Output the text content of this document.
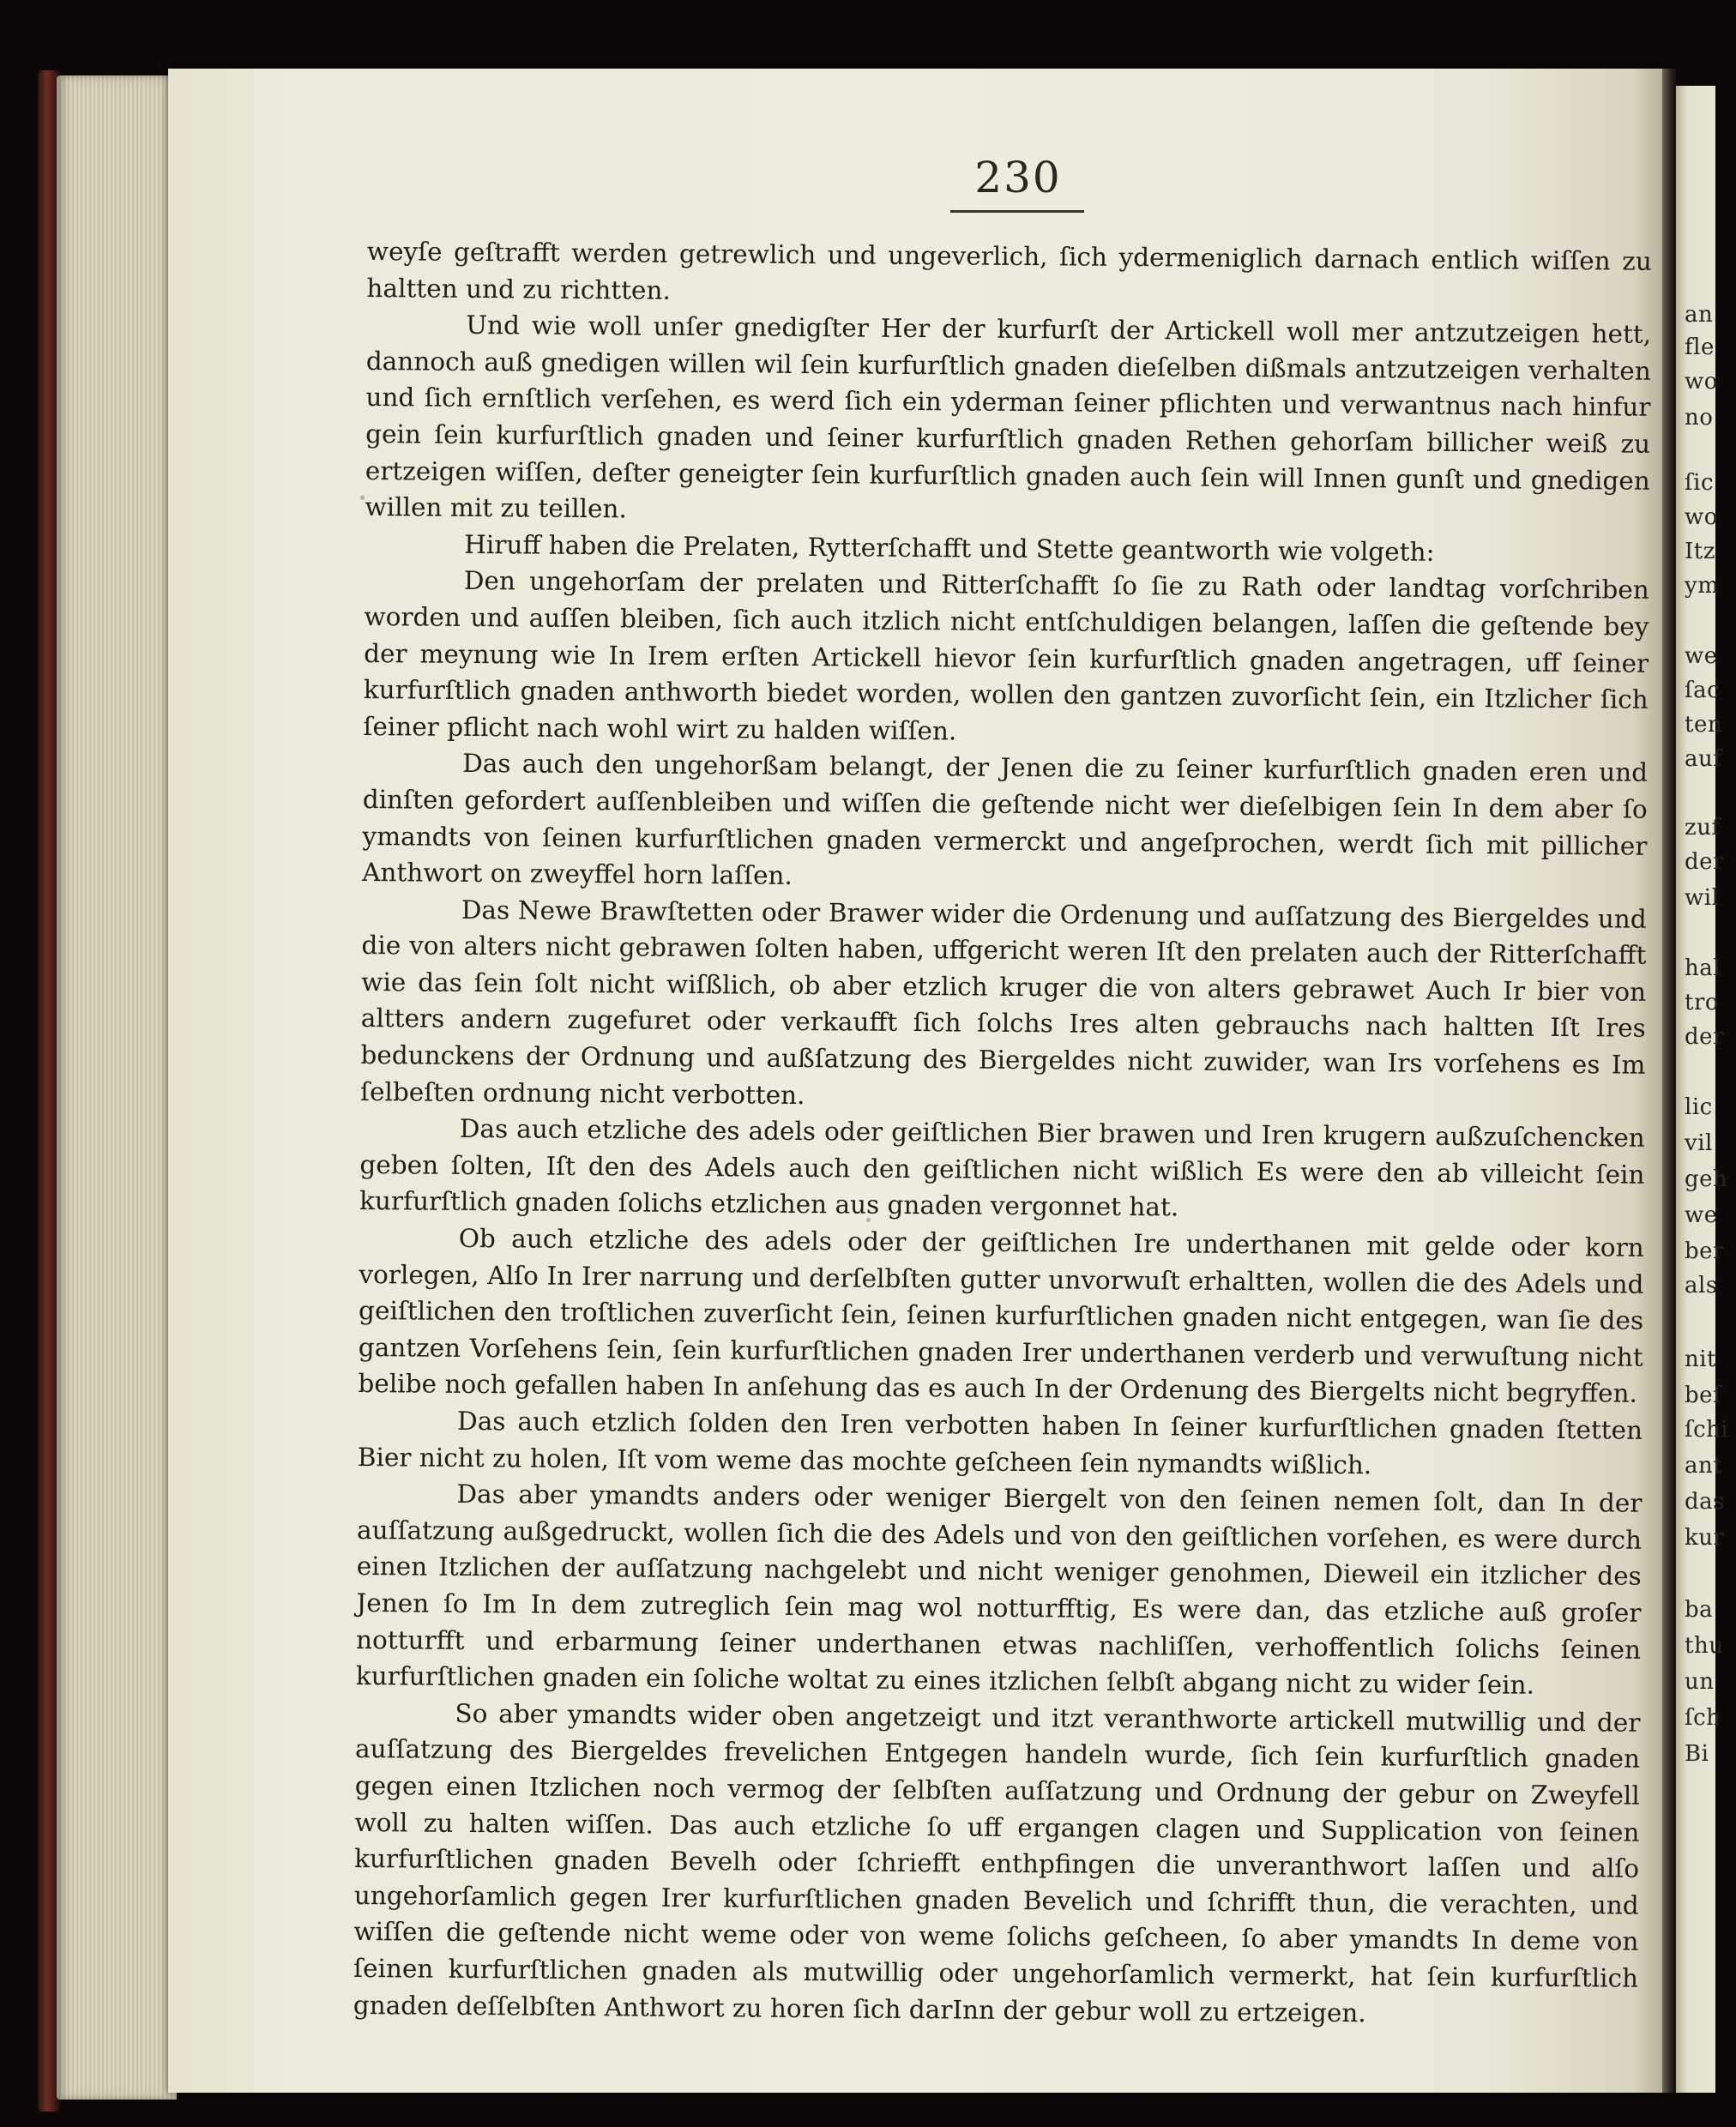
an
fle
wo
no
ſic
wo
Itz
ym
we
ſac
ten
auf
zuf
der
wil
hal
tro
der
lic
vil
geh
we
ber
als
nit
beſ
ſchi
ant
das
kur
ba
thu
un
ſch
Bi
230

weyſe geſtrafft werden getrewlich und ungeverlich, ſich ydermeniglich darnach entlich wiſſen zu haltten und zu richtten.

Und wie woll unſer gnedigſter Her der kurfurſt der Artickell woll mer antzutzeigen hett, dannoch auß gnedigen willen wil ſein kurfurſtlich gnaden dieſelben dißmals antzutzeigen verhalten und ſich ernſtlich verſehen, es werd ſich ein yderman ſeiner pflichten und verwantnus nach hinfur gein ſein kurfurſtlich gnaden und ſeiner kurfurſtlich gnaden Rethen gehorſam billicher weiß zu ertzeigen wiſſen, deſter geneigter ſein kurfurſtlich gnaden auch ſein will Innen gunſt und gnedigen willen mit zu teillen.

Hiruff haben die Prelaten, Rytterſchafft und Stette geantworth wie volgeth:

Den ungehorſam der prelaten und Ritterſchafft ſo ſie zu Rath oder landtag vorſchriben worden und auſſen bleiben, ſich auch itzlich nicht entſchuldigen belangen, laſſen die geſtende bey der meynung wie In Irem erſten Artickell hievor ſein kurfurſtlich gnaden angetragen, uff ſeiner kurfurſtlich gnaden anthworth biedet worden, wollen den gantzen zuvorſicht ſein, ein Itzlicher ſich ſeiner pflicht nach wohl wirt zu halden wiſſen.

Das auch den ungehorßam belangt, der Jenen die zu ſeiner kurfurſtlich gnaden eren und dinſten gefordert auſſenbleiben und wiſſen die geſtende nicht wer dieſelbigen ſein In dem aber ſo ymandts von ſeinen kurfurſtlichen gnaden vermerckt und angeſprochen, werdt ſich mit pillicher Anthwort on zweyffel horn laſſen.

Das Newe Brawſtetten oder Brawer wider die Ordenung und auſſatzung des Biergeldes und die von alters nicht gebrawen ſolten haben, uffgericht weren Iſt den prelaten auch der Ritterſchafft wie das ſein ſolt nicht wiſßlich, ob aber etzlich kruger die von alters gebrawet Auch Ir bier von altters andern zugefuret oder verkaufft ſich ſolchs Ires alten gebrauchs nach haltten Iſt Ires bedunckens der Ordnung und außſatzung des Biergeldes nicht zuwider, wan Irs vorſehens es Im ſelbeſten ordnung nicht verbotten.

Das auch etzliche des adels oder geiſtlichen Bier brawen und Iren krugern außzuſchencken geben ſolten, Iſt den des Adels auch den geiſtlichen nicht wißlich Es were den ab villeicht ſein kurfurſtlich gnaden ſolichs etzlichen aus gnaden vergonnet hat.

Ob auch etzliche des adels oder der geiſtlichen Ire underthanen mit gelde oder korn vorlegen, Alſo In Irer narrung und derſelbſten gutter unvorwuſt erhaltten, wollen die des Adels und geiſtlichen den troſtlichen zuverſicht ſein, ſeinen kurfurſtlichen gnaden nicht entgegen, wan ſie des gantzen Vorſehens ſein, ſein kurfurſtlichen gnaden Irer underthanen verderb und verwuſtung nicht belibe noch gefallen haben In anſehung das es auch In der Ordenung des Biergelts nicht begryffen.

Das auch etzlich ſolden den Iren verbotten haben In ſeiner kurfurſtlichen gnaden ſtetten Bier nicht zu holen, Iſt vom weme das mochte geſcheen ſein nymandts wißlich.

Das aber ymandts anders oder weniger Biergelt von den ſeinen nemen ſolt, dan In der auſſatzung außgedruckt, wollen ſich die des Adels und von den geiſtlichen vorſehen, es were durch einen Itzlichen der auſſatzung nachgelebt und nicht weniger genohmen, Dieweil ein itzlicher des Jenen ſo Im In dem zutreglich ſein mag wol notturfftig, Es were dan, das etzliche auß groſer notturfft und erbarmung ſeiner underthanen etwas nachliſſen, verhoffentlich ſolichs ſeinen kurfurſtlichen gnaden ein ſoliche woltat zu eines itzlichen ſelbſt abgang nicht zu wider ſein.

So aber ymandts wider oben angetzeigt und itzt veranthworte artickell mutwillig und der auſſatzung des Biergeldes frevelichen Entgegen handeln wurde, ſich ſein kurfurſtlich gnaden gegen einen Itzlichen noch vermog der ſelbſten auſſatzung und Ordnung der gebur on Zweyfell woll zu halten wiſſen. Das auch etzliche ſo uff ergangen clagen und Supplication von ſeinen kurfurſtlichen gnaden Bevelh oder ſchriefft enthpfingen die unveranthwort laſſen und alſo ungehorſamlich gegen Irer kurfurſtlichen gnaden Bevelich und ſchrifft thun, die verachten, und wiſſen die geſtende nicht weme oder von weme ſolichs geſcheen, ſo aber ymandts In deme von ſeinen kurfurſtlichen gnaden als mutwillig oder ungehorſamlich vermerkt, hat ſein kurfurſtlich gnaden deſſelbſten Anthwort zu horen ſich darInn der gebur woll zu ertzeigen.
